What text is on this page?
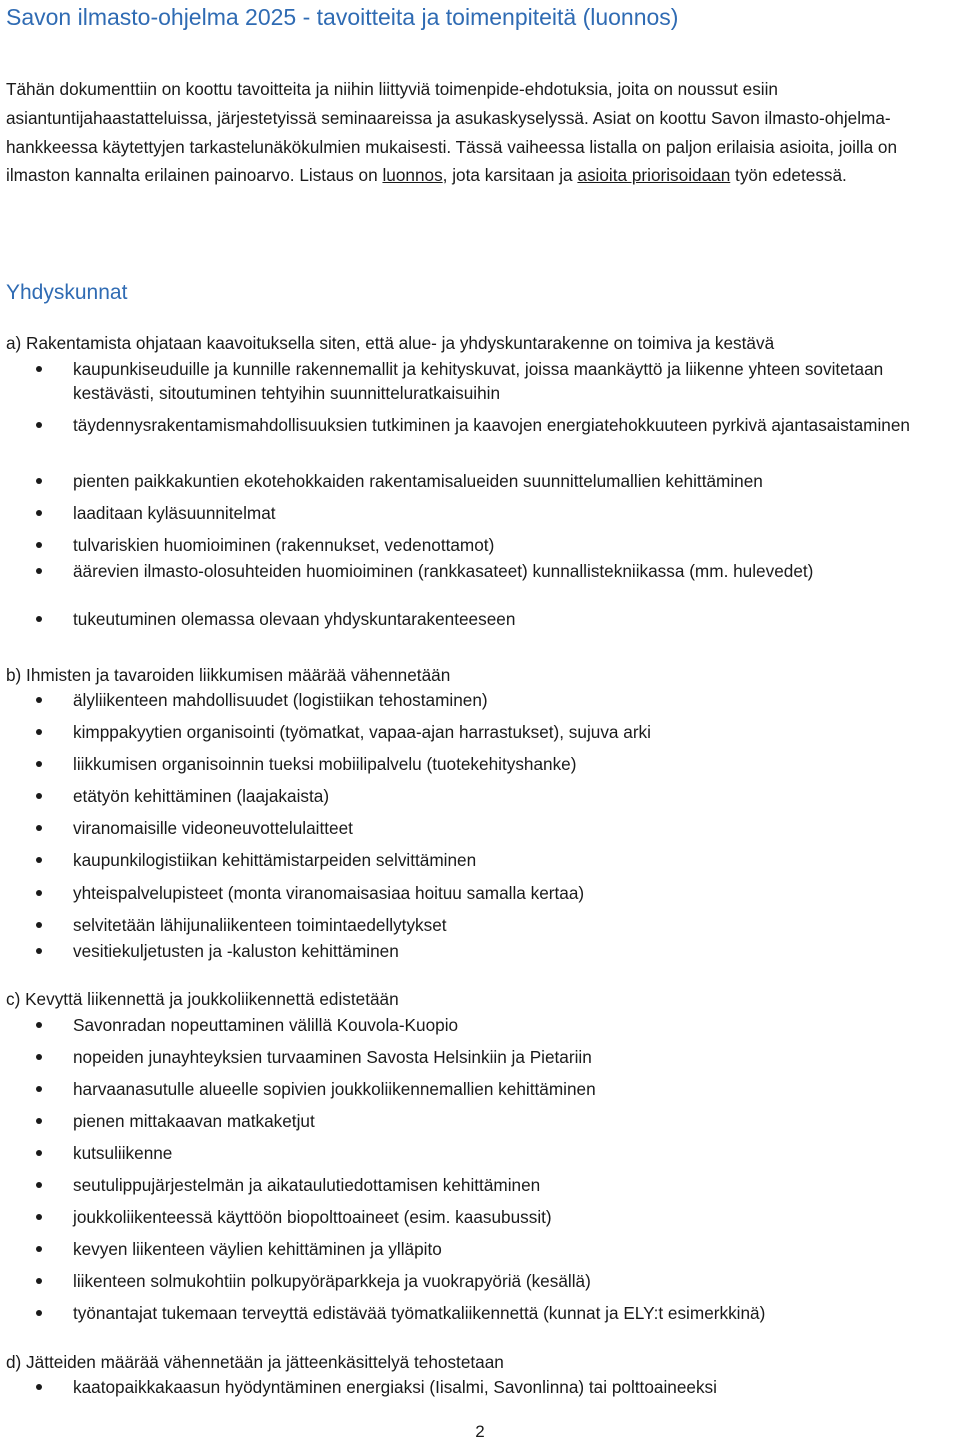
Savon ilmasto-ohjelma 2025 - tavoitteita ja toimenpiteitä (luonnos)

Tähän dokumenttiin on koottu tavoitteita ja niihin liittyviä toimenpide-ehdotuksia, joita on noussut esiin asiantuntijahaastatteluissa, järjestetyissä seminaareissa ja asukaskyselyssä. Asiat on koottu Savon ilmasto-ohjelma-hankkeessa käytettyjen tarkastelunäkökulmien mukaisesti. Tässä vaiheessa listalla on paljon erilaisia asioita, joilla on ilmaston kannalta erilainen painoarvo. Listaus on luonnos, jota karsitaan ja asioita priorisoidaan työn edetessä.

Yhdyskunnat

a) Rakentamista ohjataan kaavoituksella siten, että alue- ja yhdyskuntarakenne on toimiva ja kestävä

kaupunkiseuduille ja kunnille rakennemallit ja kehityskuvat, joissa maankäyttö ja liikenne yhteen sovitetaan kestävästi, sitoutuminen tehtyihin suunnitteluratkaisuihin

täydennysrakentamismahdollisuuksien tutkiminen ja kaavojen energiatehokkuuteen pyrkivä ajantasaistaminen

pienten paikkakuntien ekotehokkaiden rakentamisalueiden suunnittelumallien kehittäminen

laaditaan kyläsuunnitelmat

tulvariskien huomioiminen (rakennukset, vedenottamot)

äärevien ilmasto-olosuhteiden huomioiminen (rankkasateet) kunnallistekniikassa (mm. hulevedet)

tukeutuminen olemassa olevaan yhdyskuntarakenteeseen

b) Ihmisten ja tavaroiden liikkumisen määrää vähennetään

älyliikenteen mahdollisuudet (logistiikan tehostaminen)

kimppakyytien organisointi (työmatkat, vapaa-ajan harrastukset), sujuva arki

liikkumisen organisoinnin tueksi mobiilipalvelu (tuotekehityshanke)

etätyön kehittäminen (laajakaista)

viranomaisille videoneuvottelulaitteet

kaupunkilogistiikan kehittämistarpeiden selvittäminen

yhteispalvelupisteet (monta viranomaisasiaa hoituu samalla kertaa)

selvitetään lähijunaliikenteen toimintaedellytykset

vesitiekuljetusten ja -kaluston kehittäminen

c) Kevyttä liikennettä ja joukkoliikennettä edistetään

Savonradan nopeuttaminen välillä Kouvola-Kuopio

nopeiden junayhteyksien turvaaminen Savosta Helsinkiin ja Pietariin

harvaanasutulle alueelle sopivien joukkoliikennemallien kehittäminen

pienen mittakaavan matkaketjut

kutsuliikenne

seutulippujärjestelmän ja aikataulutiedottamisen kehittäminen

joukkoliikenteessä käyttöön biopolttoaineet (esim. kaasubussit)

kevyen liikenteen väylien kehittäminen ja ylläpito

liikenteen solmukohtiin polkupyöräparkkeja ja vuokrapyöriä (kesällä)

työnantajat tukemaan terveyttä edistävää työmatkaliikennettä (kunnat ja ELY:t esimerkkinä)

d) Jätteiden määrää vähennetään ja jätteenkäsittelyä tehostetaan

kaatopaikkakaasun hyödyntäminen energiaksi (Iisalmi, Savonlinna) tai polttoaineeksi

2
